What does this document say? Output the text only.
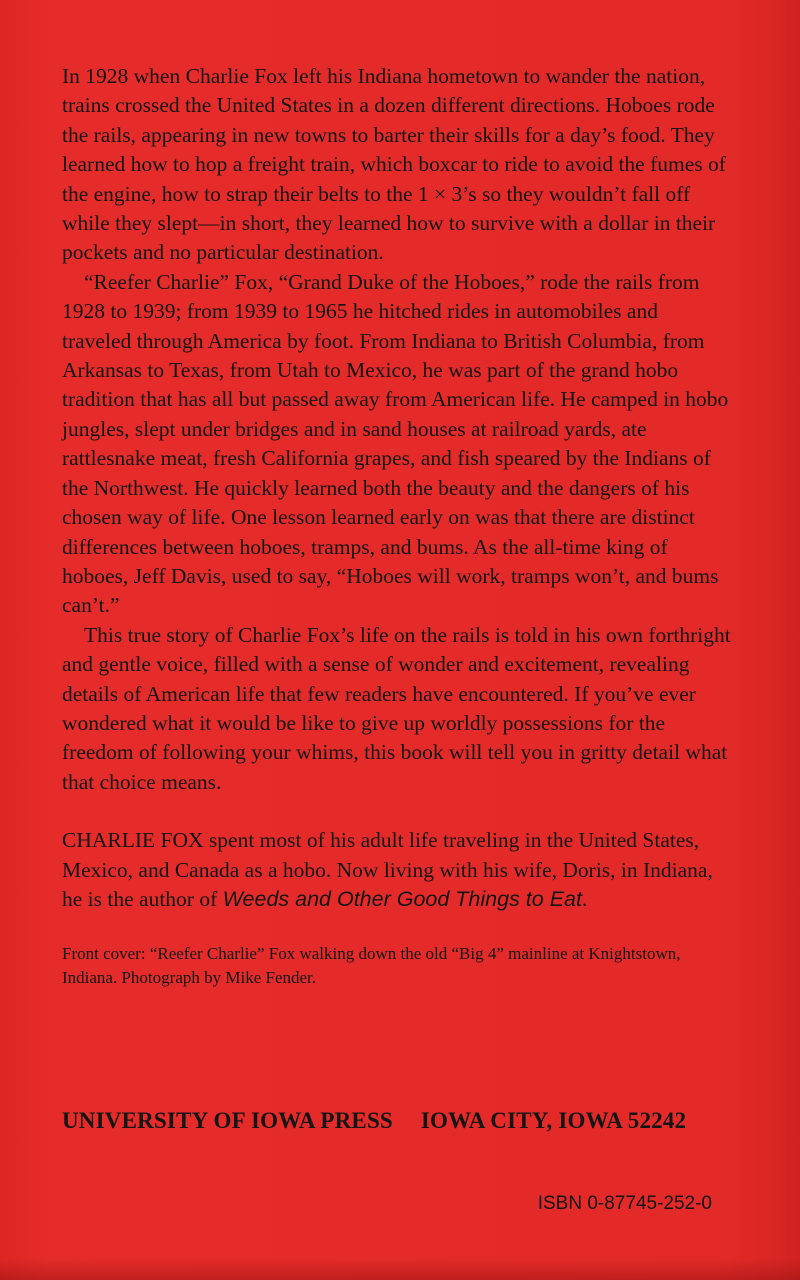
In 1928 when Charlie Fox left his Indiana hometown to wander the nation, trains crossed the United States in a dozen different directions. Hoboes rode the rails, appearing in new towns to barter their skills for a day’s food. They learned how to hop a freight train, which boxcar to ride to avoid the fumes of the engine, how to strap their belts to the 1 × 3’s so they wouldn’t fall off while they slept—in short, they learned how to survive with a dollar in their pockets and no particular destination.

“Reefer Charlie” Fox, “Grand Duke of the Hoboes,” rode the rails from 1928 to 1939; from 1939 to 1965 he hitched rides in automobiles and traveled through America by foot. From Indiana to British Columbia, from Arkansas to Texas, from Utah to Mexico, he was part of the grand hobo tradition that has all but passed away from American life. He camped in hobo jungles, slept under bridges and in sand houses at railroad yards, ate rattlesnake meat, fresh California grapes, and fish speared by the Indians of the Northwest. He quickly learned both the beauty and the dangers of his chosen way of life. One lesson learned early on was that there are distinct differences between hoboes, tramps, and bums. As the all-time king of hoboes, Jeff Davis, used to say, “Hoboes will work, tramps won’t, and bums can’t.”

This true story of Charlie Fox’s life on the rails is told in his own forthright and gentle voice, filled with a sense of wonder and excitement, revealing details of American life that few readers have encountered. If you’ve ever wondered what it would be like to give up worldly possessions for the freedom of following your whims, this book will tell you in gritty detail what that choice means.

CHARLIE FOX spent most of his adult life traveling in the United States, Mexico, and Canada as a hobo. Now living with his wife, Doris, in Indiana, he is the author of Weeds and Other Good Things to Eat.
Front cover: “Reefer Charlie” Fox walking down the old “Big 4” mainline at Knightstown, Indiana. Photograph by Mike Fender.
UNIVERSITY OF IOWA PRESS IOWA CITY, IOWA 52242
ISBN 0-87745-252-0
